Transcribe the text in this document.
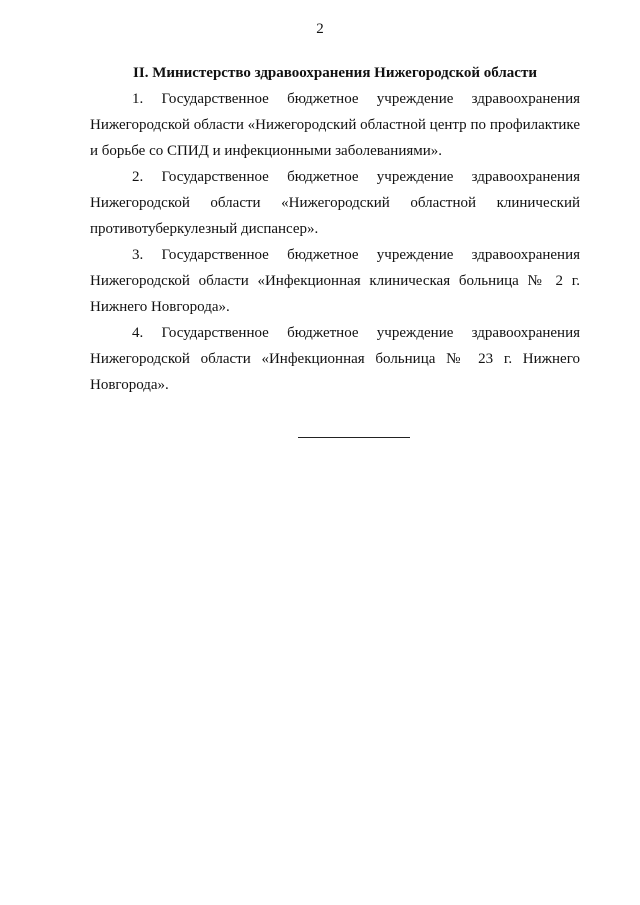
2

II. Министерство здравоохранения Нижегородской области

1. Государственное бюджетное учреждение здравоохранения Нижегородской области «Нижегородский областной центр по профилактике и борьбе со СПИД и инфекционными заболеваниями».

2. Государственное бюджетное учреждение здравоохранения Нижегородской области «Нижегородский областной клинический противотуберкулезный диспансер».

3. Государственное бюджетное учреждение здравоохранения Нижегородской области «Инфекционная клиническая больница № 2 г. Нижнего Новгорода».

4. Государственное бюджетное учреждение здравоохранения Нижегородской области «Инфекционная больница № 23 г. Нижнего Новгорода».
